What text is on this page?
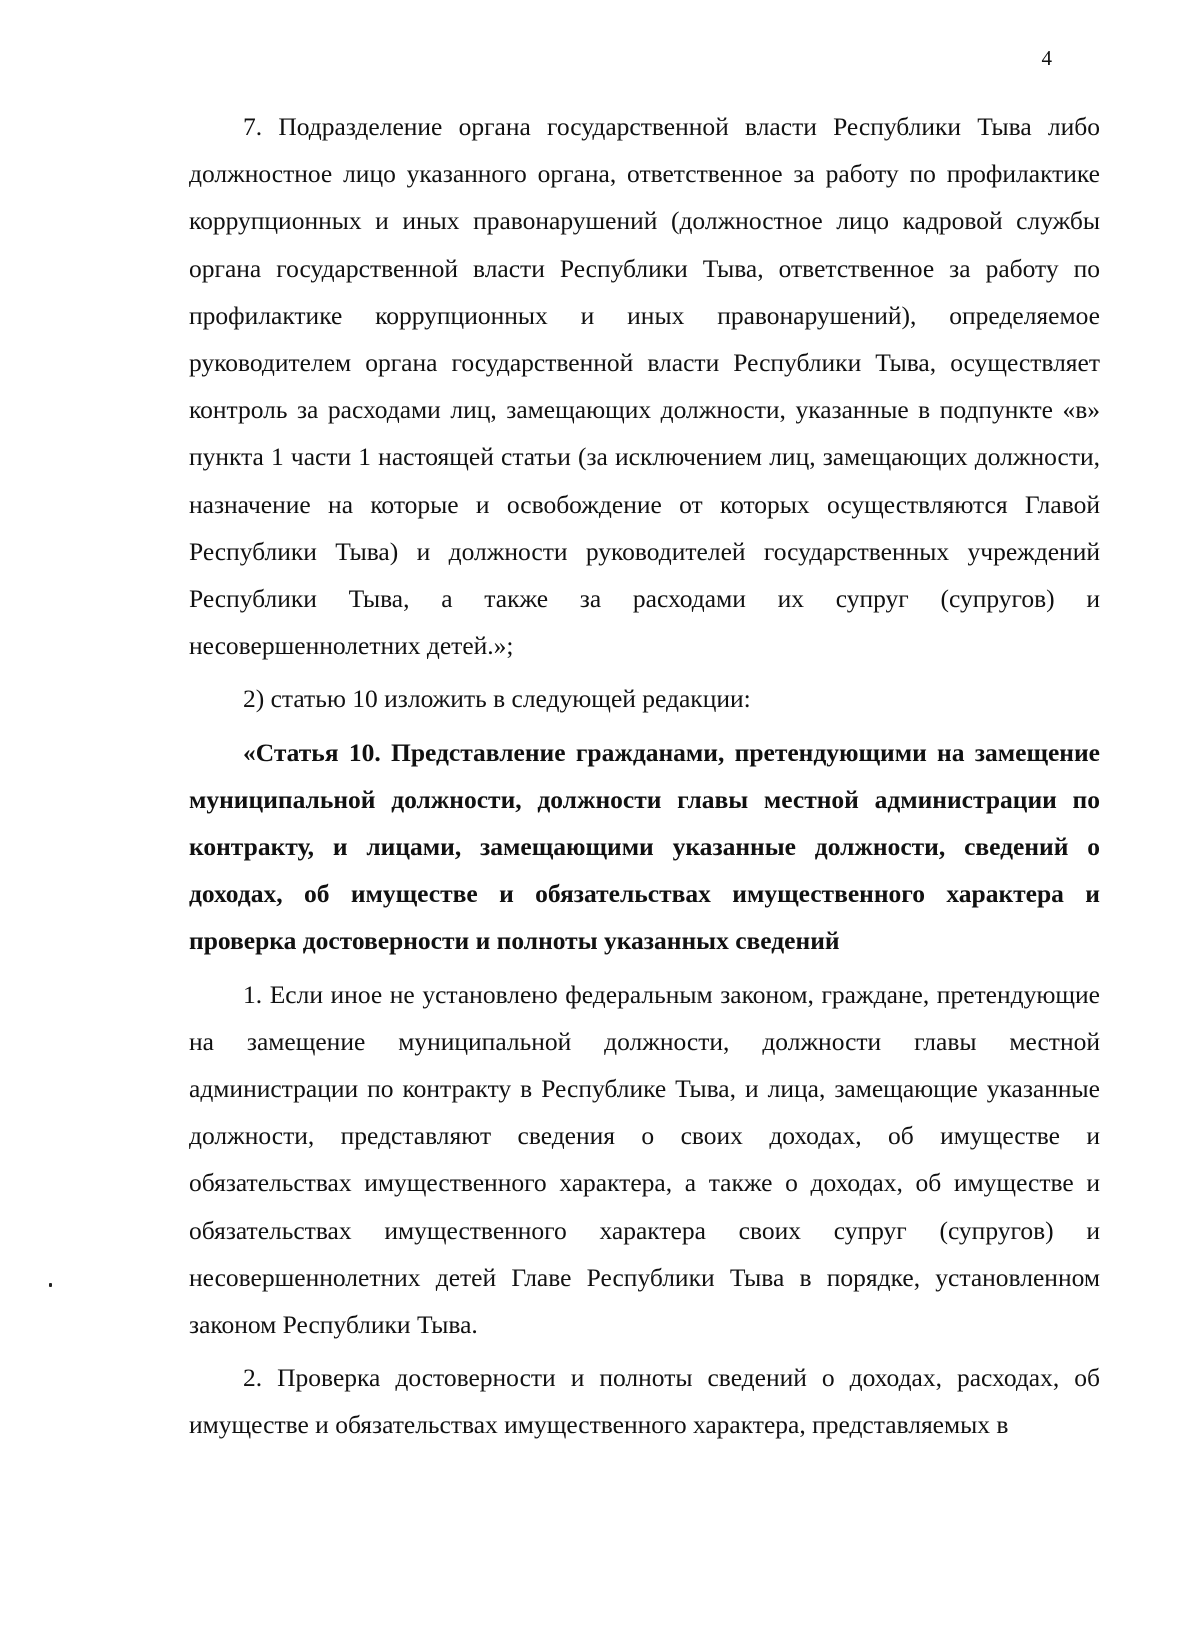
4

7. Подразделение органа государственной власти Республики Тыва либо должностное лицо указанного органа, ответственное за работу по профилактике коррупционных и иных правонарушений (должностное лицо кадровой службы органа государственной власти Республики Тыва, ответственное за работу по профилактике коррупционных и иных правонарушений), определяемое руководителем органа государственной власти Республики Тыва, осуществляет контроль за расходами лиц, замещающих должности, указанные в подпункте «в» пункта 1 части 1 настоящей статьи (за исключением лиц, замещающих должности, назначение на которые и освобождение от которых осуществляются Главой Республики Тыва) и должности руководителей государственных учреждений Республики Тыва, а также за расходами их супруг (супругов) и несовершеннолетних детей.»;

2) статью 10 изложить в следующей редакции:

«Статья 10. Представление гражданами, претендующими на замещение муниципальной должности, должности главы местной администрации по контракту, и лицами, замещающими указанные должности, сведений о доходах, об имуществе и обязательствах имущественного характера и проверка достоверности и полноты указанных сведений

1. Если иное не установлено федеральным законом, граждане, претендующие на замещение муниципальной должности, должности главы местной администрации по контракту в Республике Тыва, и лица, замещающие указанные должности, представляют сведения о своих доходах, об имуществе и обязательствах имущественного характера, а также о доходах, об имуществе и обязательствах имущественного характера своих супруг (супругов) и несовершеннолетних детей Главе Республики Тыва в порядке, установленном законом Республики Тыва.

2. Проверка достоверности и полноты сведений о доходах, расходах, об имуществе и обязательствах имущественного характера, представляемых в
